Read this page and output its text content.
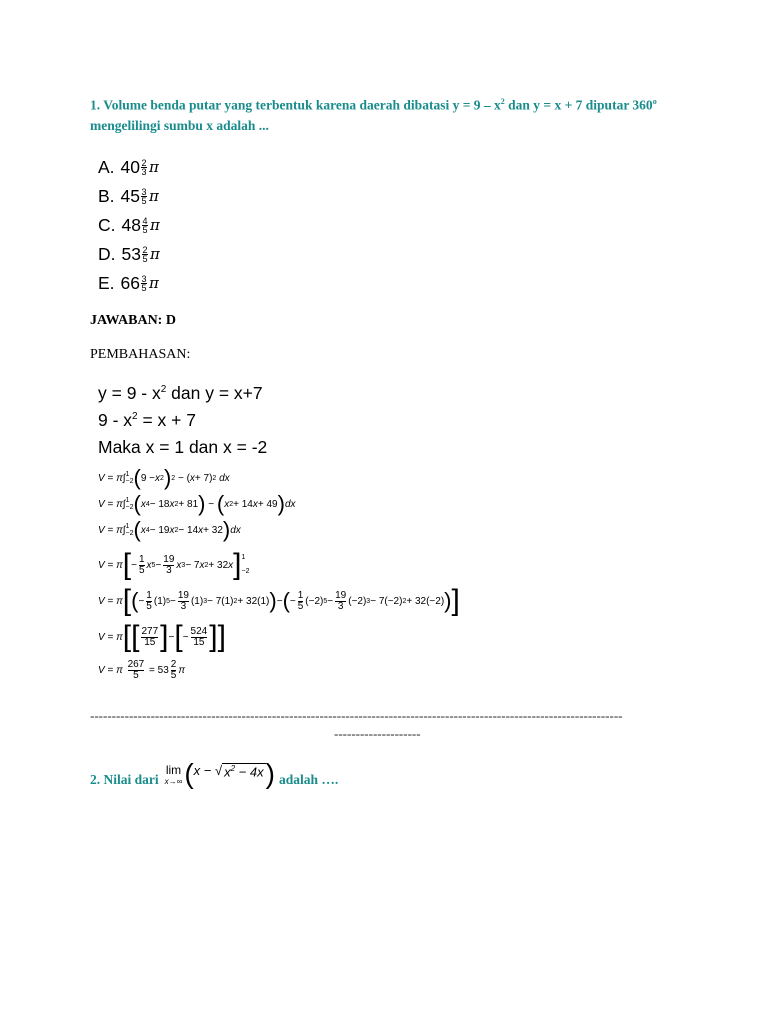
1. Volume benda putar yang terbentuk karena daerah dibatasi $y = 9 - x^2$ dan y = x + 7 diputar 360$^o$ mengelilingi sumbu x adalah ...
A. $40 \frac{2}{3}$ π
B. $45 \frac{3}{5}$ π
C. $48 \frac{4}{5}$ π
D. $53 \frac{2}{5}$ π
E. $66 \frac{3}{5}$ π
JAWABAN: D
PEMBAHASAN:
$y = 9 - x^2$ dan y = x+7
$9 - x^2 = x + 7$
Maka x = 1 dan x = -2
V = π ∫ 1
−2 ( 9 − x 2 ) 2 − ( x + 7) 2
dx
V = π ∫ 1
−2 ( x 4 − 18 x 2 + 81 ) − ( x 2 + 14 x + 49 ) dx
V = π ∫ 1
−2 ( x 4 − 19 x 2 − 14 x + 32 ) dx
V = π [ −
1
5 x 5 −
19
3 x 3 − 7 x 2 + 32 x ] 1
−2
V = π [ ( −
1
5 (1) 5 −
19
3 (1) 3 − 7(1) 2 + 32(1) ) − ( −
1
5 (−2) 5 −
19
3 (−2) 3 − 7(−2) 2 + 32(−2) ) ]
V = π [ [ 277
15 ] − [ −
524
15 ] ]
V = π

267
5 = 53
2
5 π
---------------------------------------------------------------------------------------------------------------------------
--------------------
2. Nilai dari
lim
x→∞ ( x − √ $x^2 - 4x$ ) adalah ….
